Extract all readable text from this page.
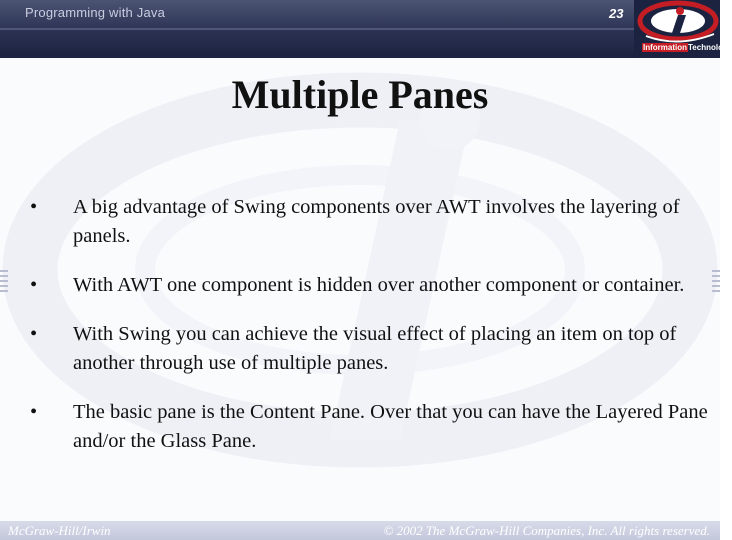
Programming with Java	23
InformationTechnology
Multiple Panes
•	A big advantage of Swing components over AWT involves the layering of panels.
•	With AWT one component is hidden over another component or container.
•	With Swing you can achieve the visual effect of placing an item on top of another through use of multiple panes.
•	The basic pane is the Content Pane. Over that you can have the Layered Pane and/or the Glass Pane.
McGraw-Hill/Irwin	© 2002 The McGraw-Hill Companies, Inc. All rights reserved.
